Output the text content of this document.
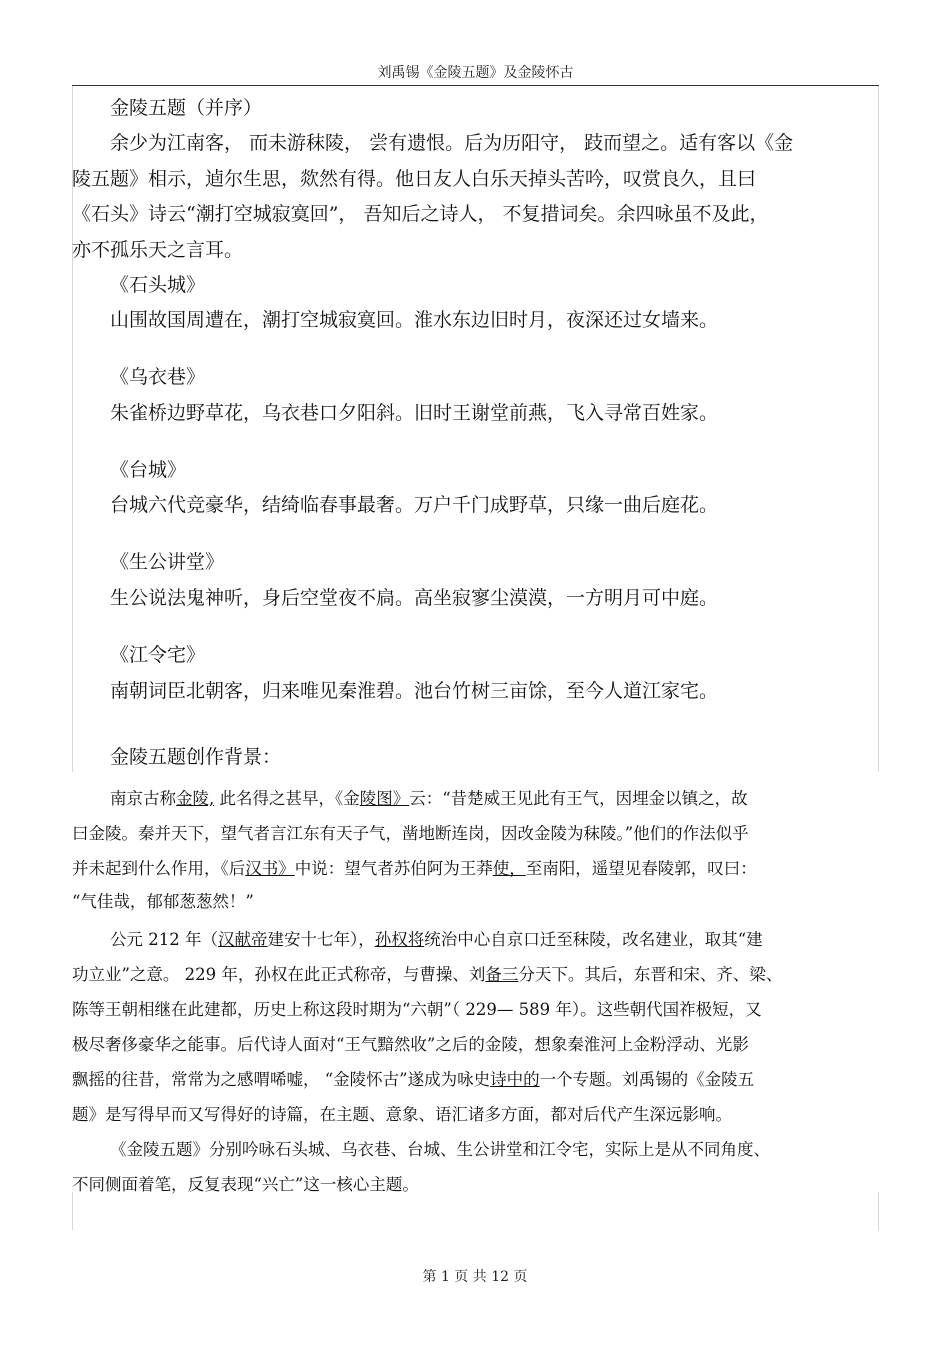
刘禹锡《金陵五题》及金陵怀古
金陵五题（并序）
余少为江南客， 而未游秣陵， 尝有遗恨。后为历阳守， 跂而望之。适有客以《金
陵五题》相示，逌尔生思，欻然有得。他日友人白乐天掉头苦吟，叹赏良久，且曰
《石头》诗云“潮打空城寂寞回”， 吾知后之诗人， 不复措词矣。余四咏虽不及此，
亦不孤乐天之言耳。
《石头城》
山围故国周遭在，潮打空城寂寞回。淮水东边旧时月，夜深还过女墙来。
《乌衣巷》
朱雀桥边野草花，乌衣巷口夕阳斜。旧时王谢堂前燕，飞入寻常百姓家。
《台城》
台城六代竞豪华，结绮临春事最奢。万户千门成野草，只缘一曲后庭花。
《生公讲堂》
生公说法鬼神听，身后空堂夜不扃。高坐寂寥尘漠漠，一方明月可中庭。
《江令宅》
南朝词臣北朝客，归来唯见秦淮碧。池台竹树三亩馀，至今人道江家宅。
金陵五题创作背景：
南京古称金陵, 此名得之甚早，《金陵图》云：“昔楚威王见此有王气，因埋金以镇之，故
曰金陵。秦并天下，望气者言江东有天子气，凿地断连岗，因改金陵为秣陵。”他们的作法似乎
并未起到什么作用，《后汉书》中说：望气者苏伯阿为王莽使，至南阳，遥望见春陵郭，叹曰：
“气佳哉，郁郁葱葱然！”
公元 212 年（汉献帝建安十七年），孙权将统治中心自京口迁至秣陵，改名建业，取其“建
功立业”之意。 229 年，孙权在此正式称帝，与曹操、刘备三分天下。其后，东晋和宋、齐、梁、
陈等王朝相继在此建都，历史上称这段时期为“六朝”（ 229— 589 年）。这些朝代国祚极短，又
极尽奢侈豪华之能事。后代诗人面对“王气黯然收”之后的金陵，想象秦淮河上金粉浮动、光影
飘摇的往昔，常常为之感喟唏嘘， “金陵怀古”遂成为咏史诗中的一个专题。刘禹锡的《金陵五
题》是写得早而又写得好的诗篇，在主题、意象、语汇诸多方面，都对后代产生深远影响。
《金陵五题》分别吟咏石头城、乌衣巷、台城、生公讲堂和江令宅，实际上是从不同角度、
不同侧面着笔，反复表现“兴亡”这一核心主题。
第 1 页 共 12 页
